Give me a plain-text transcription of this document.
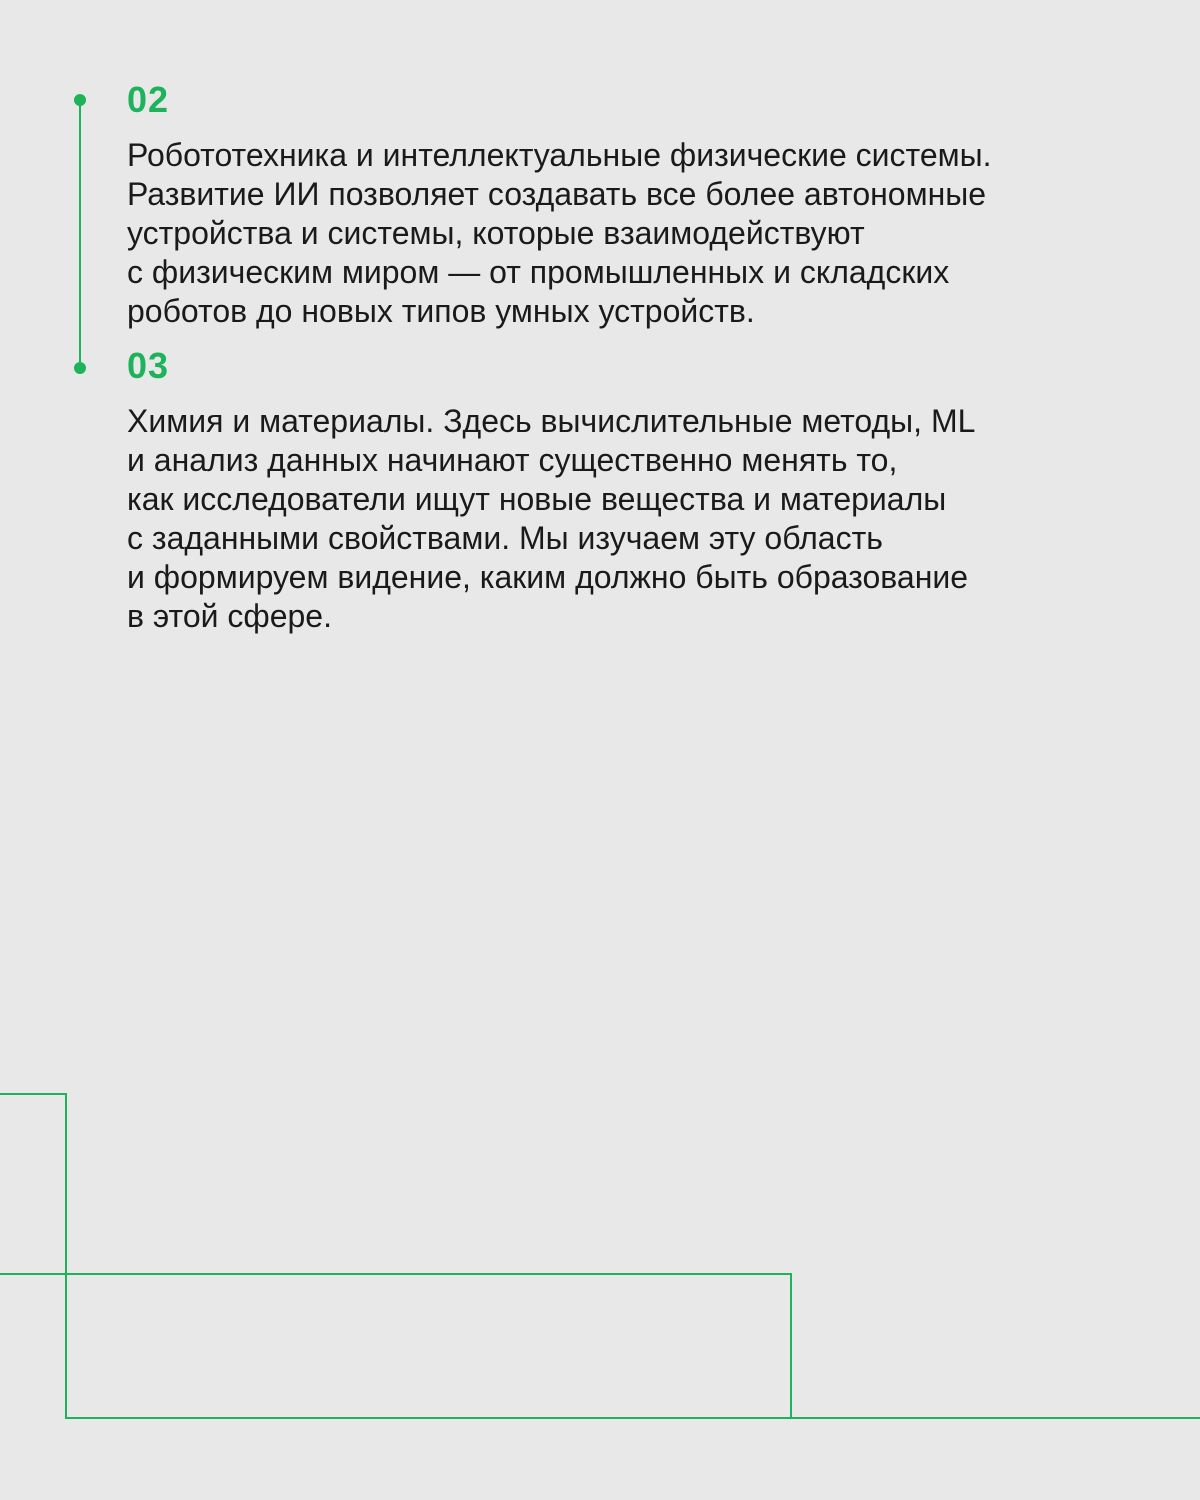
02

Робототехника и интеллектуальные физические системы.
Развитие ИИ позволяет создавать все более автономные
устройства и системы, которые взаимодействуют
с физическим миром — от промышленных и складских
роботов до новых типов умных устройств.

03

Химия и материалы. Здесь вычислительные методы, ML
и анализ данных начинают существенно менять то,
как исследователи ищут новые вещества и материалы
с заданными свойствами. Мы изучаем эту область
и формируем видение, каким должно быть образование
в этой сфере.
